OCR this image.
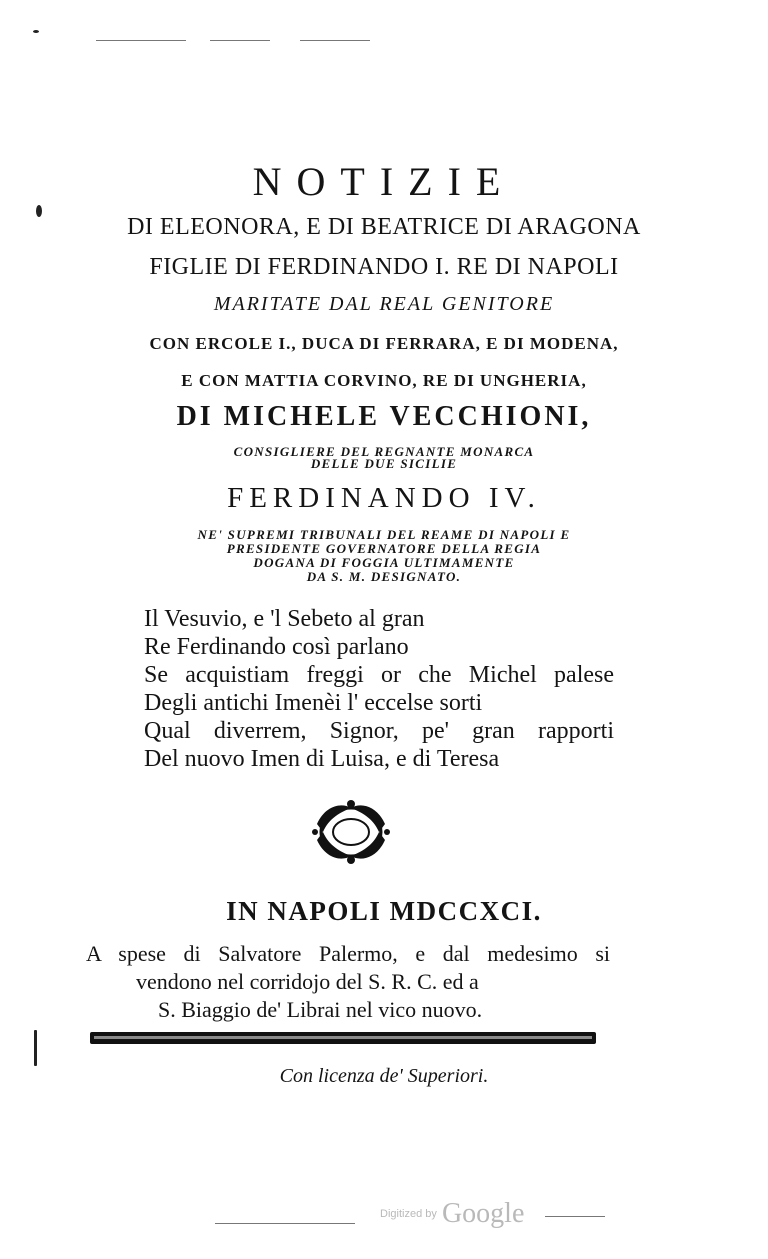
NOTIZIE
DI ELEONORA, E DI BEATRICE DI ARAGONA
FIGLIE DI FERDINANDO I. RE DI NAPOLI
MARITATE DAL REAL GENITORE
CON ERCOLE I., DUCA DI FERRARA, E DI MODENA,
E CON MATTIA CORVINO, RE DI UNGHERIA,
DI MICHELE VECCHIONI,
CONSIGLIERE DEL REGNANTE MONARCA
DELLE DUE SICILIE
FERDINANDO IV.
NE' SUPREMI TRIBUNALI DEL REAME DI NAPOLI E
PRESIDENTE GOVERNATORE DELLA REGIA
DOGANA DI FOGGIA ULTIMAMENTE
DA S. M. DESIGNATO.
Il Vesuvio, e 'l Sebeto al gran
Re Ferdinando così parlano
Se acquistiam freggi or che Michel palese
Degli antichi Imenèi l' eccelse sorti
Qual diverrem, Signor, pe' gran rapporti
Del nuovo Imen di Luisa, e di Teresa
IN NAPOLI MDCCXCI.
A spese di Salvatore Palermo, e dal medesimo si
vendono nel corridojo del S. R. C. ed a
S. Biaggio de' Librai nel vico nuovo.
Con licenza de' Superiori.
Digitized by Google
